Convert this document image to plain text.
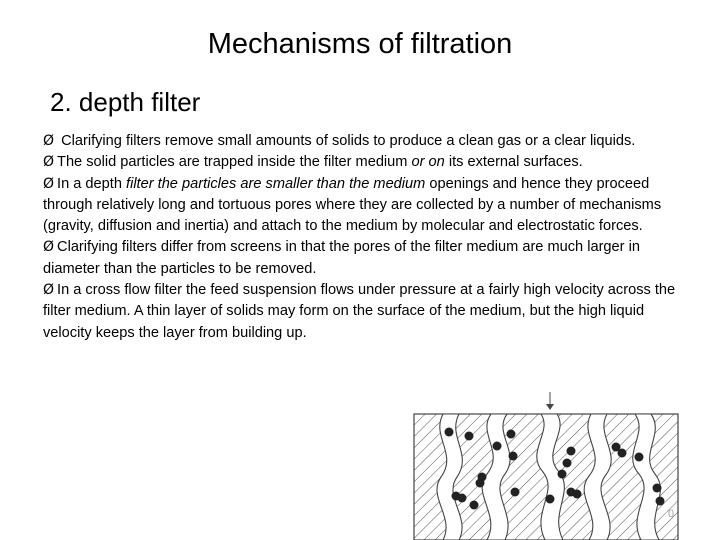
Mechanisms of filtration
2. depth filter
Ø Clarifying filters remove small amounts of solids to produce a clean gas or a clear liquids.
Ø The solid particles are trapped inside the filter medium or on its external surfaces.
Ø In a depth filter the particles are smaller than the medium openings and hence they proceed through relatively long and tortuous pores where they are collected by a number of mechanisms (gravity, diffusion and inertia) and attach to the medium by molecular and electrostatic forces.
Ø Clarifying filters differ from screens in that the pores of the filter medium are much larger in diameter than the particles to be removed.
Ø In a cross flow filter the feed suspension flows under pressure at a fairly high velocity across the filter medium. A thin layer of solids may form on the surface of the medium, but the high liquid velocity keeps the layer from building up.
0
